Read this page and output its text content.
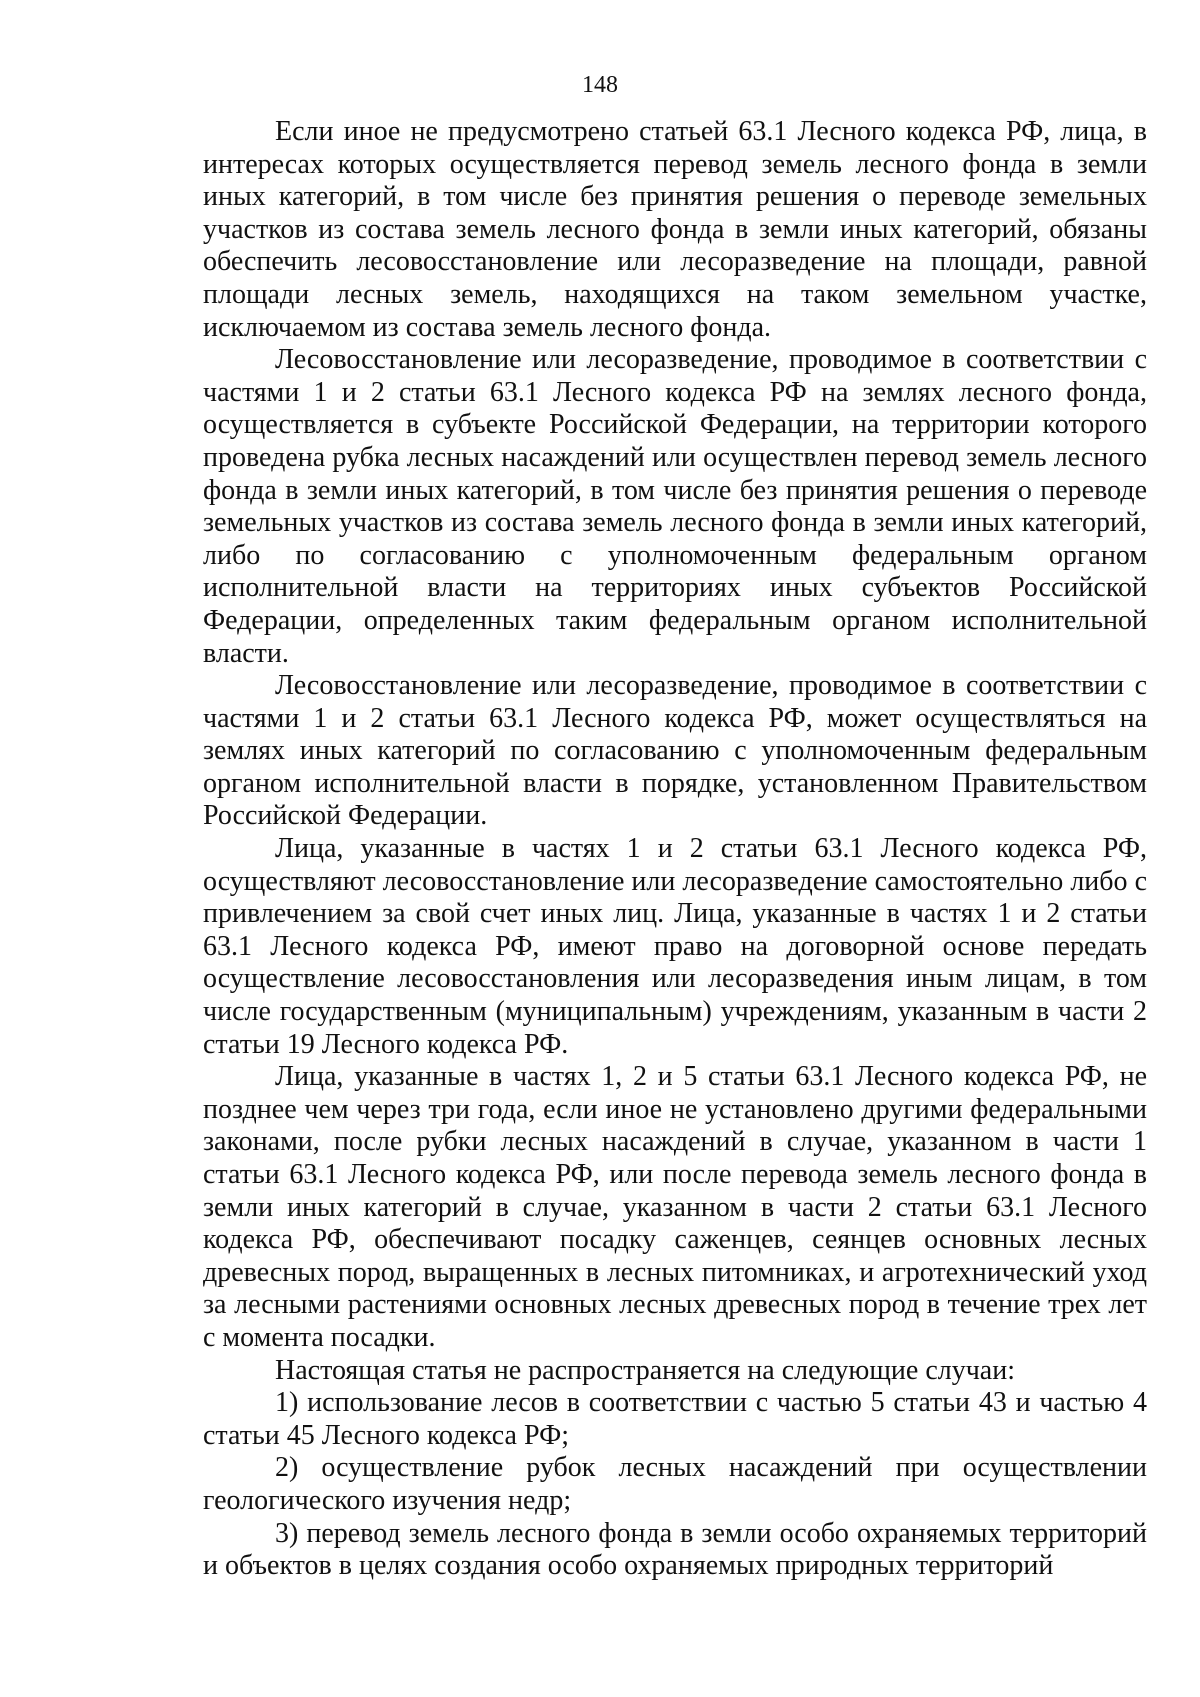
148

Если иное не предусмотрено статьей 63.1 Лесного кодекса РФ, лица, в интересах которых осуществляется перевод земель лесного фонда в земли иных категорий, в том числе без принятия решения о переводе земельных участков из состава земель лесного фонда в земли иных категорий, обязаны обеспечить лесовосстановление или лесоразведение на площади, равной площади лесных земель, находящихся на таком земельном участке, исключаемом из состава земель лесного фонда.

Лесовосстановление или лесоразведение, проводимое в соответствии с частями 1 и 2 статьи 63.1 Лесного кодекса РФ на землях лесного фонда, осуществляется в субъекте Российской Федерации, на территории которого проведена рубка лесных насаждений или осуществлен перевод земель лесного фонда в земли иных категорий, в том числе без принятия решения о переводе земельных участков из состава земель лесного фонда в земли иных категорий, либо по согласованию с уполномоченным федеральным органом исполнительной власти на территориях иных субъектов Российской Федерации, определенных таким федеральным органом исполнительной власти.

Лесовосстановление или лесоразведение, проводимое в соответствии с частями 1 и 2 статьи 63.1 Лесного кодекса РФ, может осуществляться на землях иных категорий по согласованию с уполномоченным федеральным органом исполнительной власти в порядке, установленном Правительством Российской Федерации.

Лица, указанные в частях 1 и 2 статьи 63.1 Лесного кодекса РФ, осуществляют лесовосстановление или лесоразведение самостоятельно либо с привлечением за свой счет иных лиц. Лица, указанные в частях 1 и 2 статьи 63.1 Лесного кодекса РФ, имеют право на договорной основе передать осуществление лесовосстановления или лесоразведения иным лицам, в том числе государственным (муниципальным) учреждениям, указанным в части 2 статьи 19 Лесного кодекса РФ.

Лица, указанные в частях 1, 2 и 5 статьи 63.1 Лесного кодекса РФ, не позднее чем через три года, если иное не установлено другими федеральными законами, после рубки лесных насаждений в случае, указанном в части 1 статьи 63.1 Лесного кодекса РФ, или после перевода земель лесного фонда в земли иных категорий в случае, указанном в части 2 статьи 63.1 Лесного кодекса РФ, обеспечивают посадку саженцев, сеянцев основных лесных древесных пород, выращенных в лесных питомниках, и агротехнический уход за лесными растениями основных лесных древесных пород в течение трех лет с момента посадки.

Настоящая статья не распространяется на следующие случаи:

1) использование лесов в соответствии с частью 5 статьи 43 и частью 4 статьи 45 Лесного кодекса РФ;

2) осуществление рубок лесных насаждений при осуществлении геологического изучения недр;

3) перевод земель лесного фонда в земли особо охраняемых территорий и объектов в целях создания особо охраняемых природных территорий
